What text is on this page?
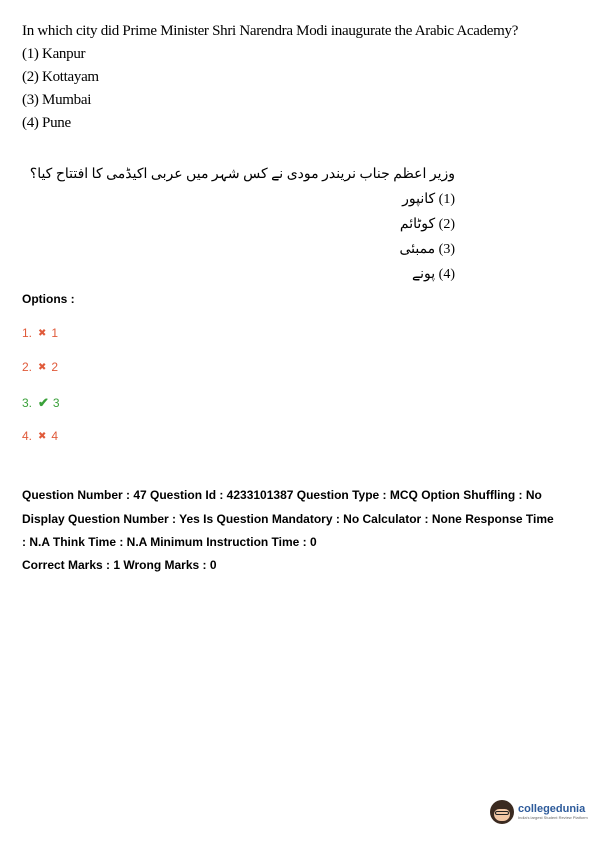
In which city did Prime Minister Shri Narendra Modi inaugurate the Arabic Academy?
(1) Kanpur
(2) Kottayam
(3) Mumbai
(4) Pune
وزیر اعظم جناب نریندر مودی نے کس شہر میں عربی اکیڈمی کا افتتاح کیا؟
(1) کانپور
(2) کوٹائم
(3) ممبئی
(4) پونے
Options :
1. ✖ 1
2. ✖ 2
3. ✔ 3
4. ✖ 4
Question Number : 47 Question Id : 4233101387 Question Type : MCQ Option Shuffling : No
Display Question Number : Yes Is Question Mandatory : No Calculator : None Response Time
: N.A Think Time : N.A Minimum Instruction Time : 0
Correct Marks : 1 Wrong Marks : 0
collegedunia
India's largest Student Review Platform
